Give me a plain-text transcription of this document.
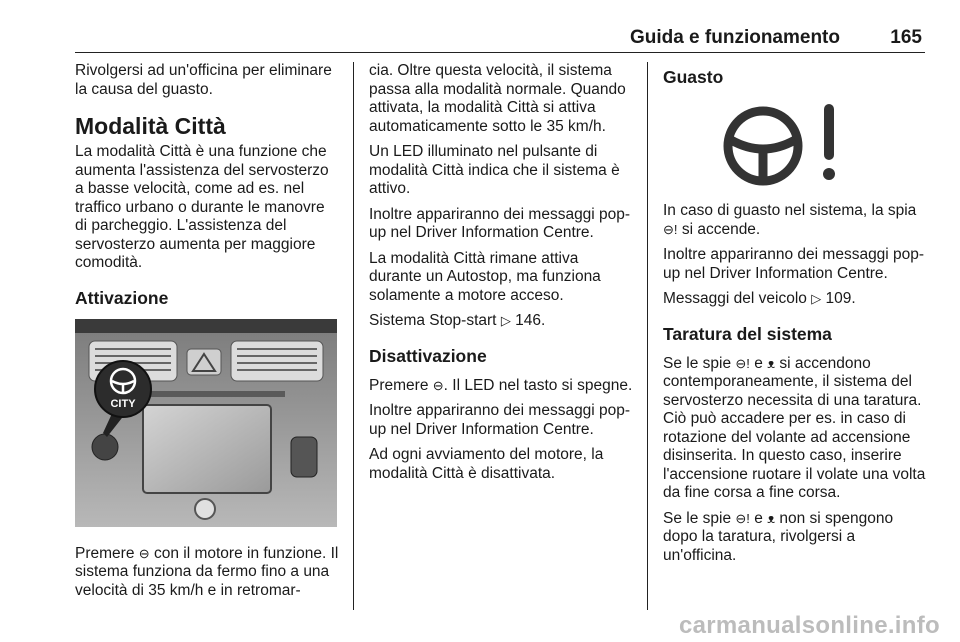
Guida e funzionamento	165

Rivolgersi ad un'officina per eliminare la causa del guasto.

Modalità Città

La modalità Città è una funzione che aumenta l'assistenza del servosterzo a basse velocità, come ad es. nel traffico urbano o durante le manovre di parcheggio. L'assistenza del servosterzo aumenta per maggiore comodità.

Attivazione
CITY

Premere ⊖ con il motore in funzione. Il sistema funziona da fermo fino a una velocità di 35 km/h e in retromar-

cia. Oltre questa velocità, il sistema passa alla modalità normale. Quando attivata, la modalità Città si attiva automaticamente sotto le 35 km/h.

Un LED illuminato nel pulsante di modalità Città indica che il sistema è attivo.

Inoltre appariranno dei messaggi pop-up nel Driver Information Centre.

La modalità Città rimane attiva durante un Autostop, ma funziona solamente a motore acceso.

Sistema Stop-start ▷ 146.

Disattivazione

Premere ⊖. Il LED nel tasto si spegne.

Inoltre appariranno dei messaggi pop-up nel Driver Information Centre.

Ad ogni avviamento del motore, la modalità Città è disattivata.

Guasto

In caso di guasto nel sistema, la spia ⊖! si accende.

Inoltre appariranno dei messaggi pop-up nel Driver Information Centre.

Messaggi del veicolo ▷ 109.

Taratura del sistema

Se le spie ⊖! e ᴥ si accendono contemporaneamente, il sistema del servosterzo necessita di una taratura. Ciò può accadere per es. in caso di rotazione del volante ad accensione disinserita. In questo caso, inserire l'accensione ruotare il volate una volta da fine corsa a fine corsa.

Se le spie ⊖! e ᴥ non si spengono dopo la taratura, rivolgersi a un'officina.

carmanualsonline.info
